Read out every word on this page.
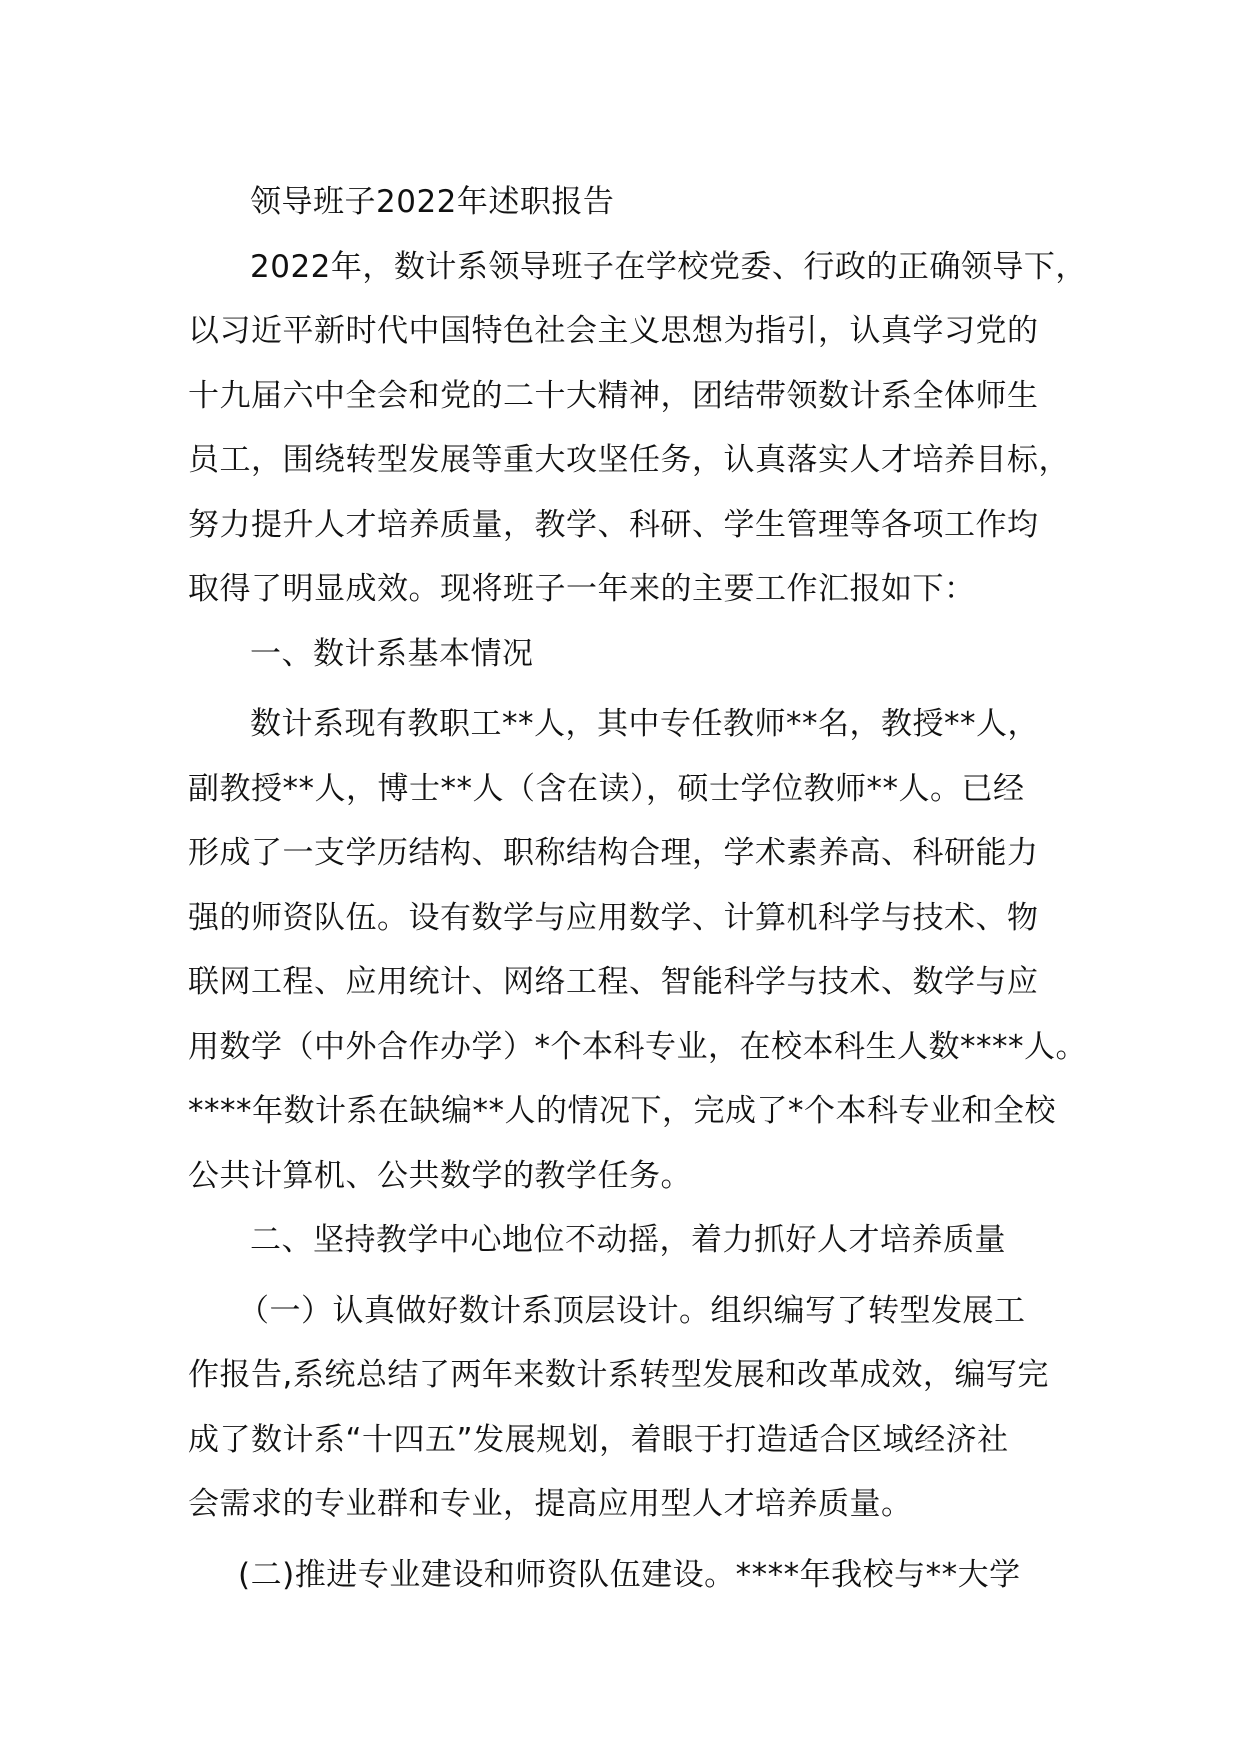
领导班子2022年述职报告
2022年，数计系领导班子在学校党委、行政的正确领导下，
以习近平新时代中国特色社会主义思想为指引，认真学习党的
十九届六中全会和党的二十大精神，团结带领数计系全体师生
员工，围绕转型发展等重大攻坚任务，认真落实人才培养目标，
努力提升人才培养质量，教学、科研、学生管理等各项工作均
取得了明显成效。现将班子一年来的主要工作汇报如下：
一、数计系基本情况
数计系现有教职工**人，其中专任教师**名，教授**人，
副教授**人，博士**人（含在读），硕士学位教师**人。已经
形成了一支学历结构、职称结构合理，学术素养高、科研能力
强的师资队伍。设有数学与应用数学、计算机科学与技术、物
联网工程、应用统计、网络工程、智能科学与技术、数学与应
用数学（中外合作办学）*个本科专业，在校本科生人数****人。
****年数计系在缺编**人的情况下，完成了*个本科专业和全校
公共计算机、公共数学的教学任务。
二、坚持教学中心地位不动摇，着力抓好人才培养质量
（一）认真做好数计系顶层设计。组织编写了转型发展工
作报告,系统总结了两年来数计系转型发展和改革成效，编写完
成了数计系“十四五”发展规划，着眼于打造适合区域经济社
会需求的专业群和专业，提高应用型人才培养质量。
(二)推进专业建设和师资队伍建设。****年我校与**大学
